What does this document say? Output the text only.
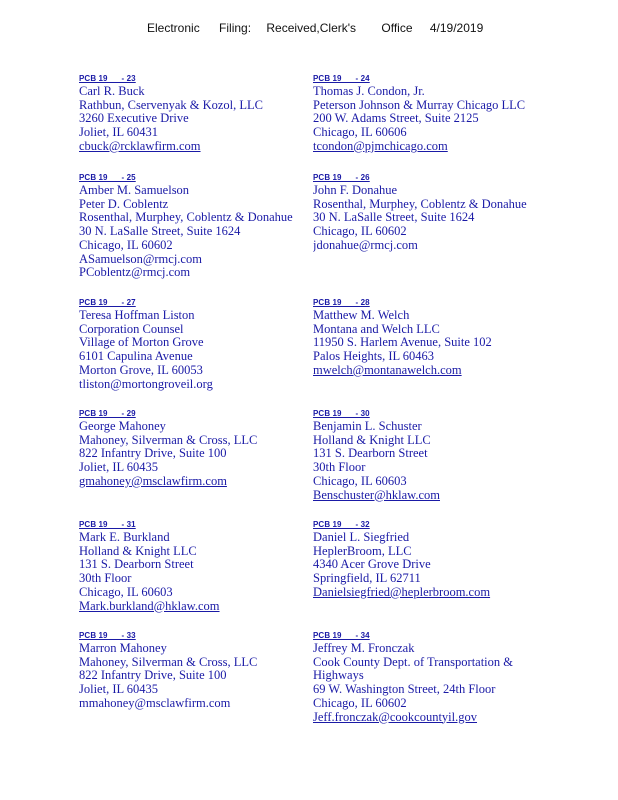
Electronic Filing: Received,Clerk's Office 4/19/2019
PCB 19      - 23
Carl R. Buck
Rathbun, Cservenyak & Kozol, LLC
3260 Executive Drive
Joliet, IL 60431
cbuck@rcklawfirm.com
PCB 19      - 24
Thomas J. Condon, Jr.
Peterson Johnson & Murray Chicago LLC
200 W. Adams Street, Suite 2125
Chicago, IL 60606
tcondon@pjmchicago.com
PCB 19      - 25
Amber M. Samuelson
Peter D. Coblentz
Rosenthal, Murphey, Coblentz & Donahue
30 N. LaSalle Street, Suite 1624
Chicago, IL 60602
ASamuelson@rmcj.com
PCoblentz@rmcj.com
PCB 19      - 26
John F. Donahue
Rosenthal, Murphey, Coblentz & Donahue
30 N. LaSalle Street, Suite 1624
Chicago, IL 60602
jdonahue@rmcj.com
PCB 19      - 27
Teresa Hoffman Liston
Corporation Counsel
Village of Morton Grove
6101 Capulina Avenue
Morton Grove, IL 60053
tliston@mortongroveil.org
PCB 19      - 28
Matthew M. Welch
Montana and Welch LLC
11950 S. Harlem Avenue, Suite 102
Palos Heights, IL 60463
mwelch@montanawelch.com
PCB 19      - 29
George Mahoney
Mahoney, Silverman & Cross, LLC
822 Infantry Drive, Suite 100
Joliet, IL 60435
gmahoney@msclawfirm.com
PCB 19      - 30
Benjamin L. Schuster
Holland & Knight LLC
131 S. Dearborn Street
30th Floor
Chicago, IL 60603
Benschuster@hklaw.com
PCB 19      - 31
Mark E. Burkland
Holland & Knight LLC
131 S. Dearborn Street
30th Floor
Chicago, IL 60603
Mark.burkland@hklaw.com
PCB 19      - 32
Daniel L. Siegfried
HeplerBroom, LLC
4340 Acer Grove Drive
Springfield, IL 62711
Danielsiegfried@heplerbroom.com
PCB 19      - 33
Marron Mahoney
Mahoney, Silverman & Cross, LLC
822 Infantry Drive, Suite 100
Joliet, IL 60435
mmahoney@msclawfirm.com
PCB 19      - 34
Jeffrey M. Fronczak
Cook County Dept. of Transportation &
Highways
69 W. Washington Street, 24th Floor
Chicago, IL 60602
Jeff.fronczak@cookcountyil.gov
